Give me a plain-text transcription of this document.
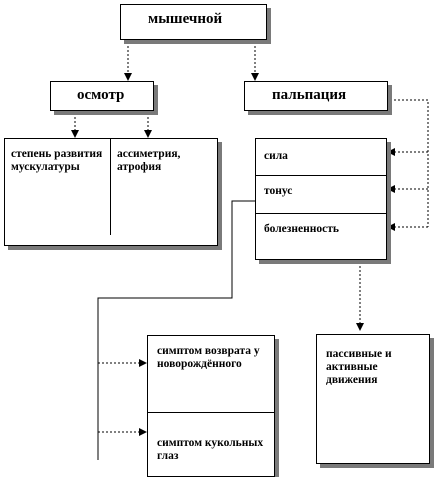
мышечной
осмотр	пальпация
степень развития мускулатуры
ассиметрия, атрофия
сила
тонус
болезненность
симптом возврата у новорождённого
симптом кукольных глаз
пассивные и активные движения
